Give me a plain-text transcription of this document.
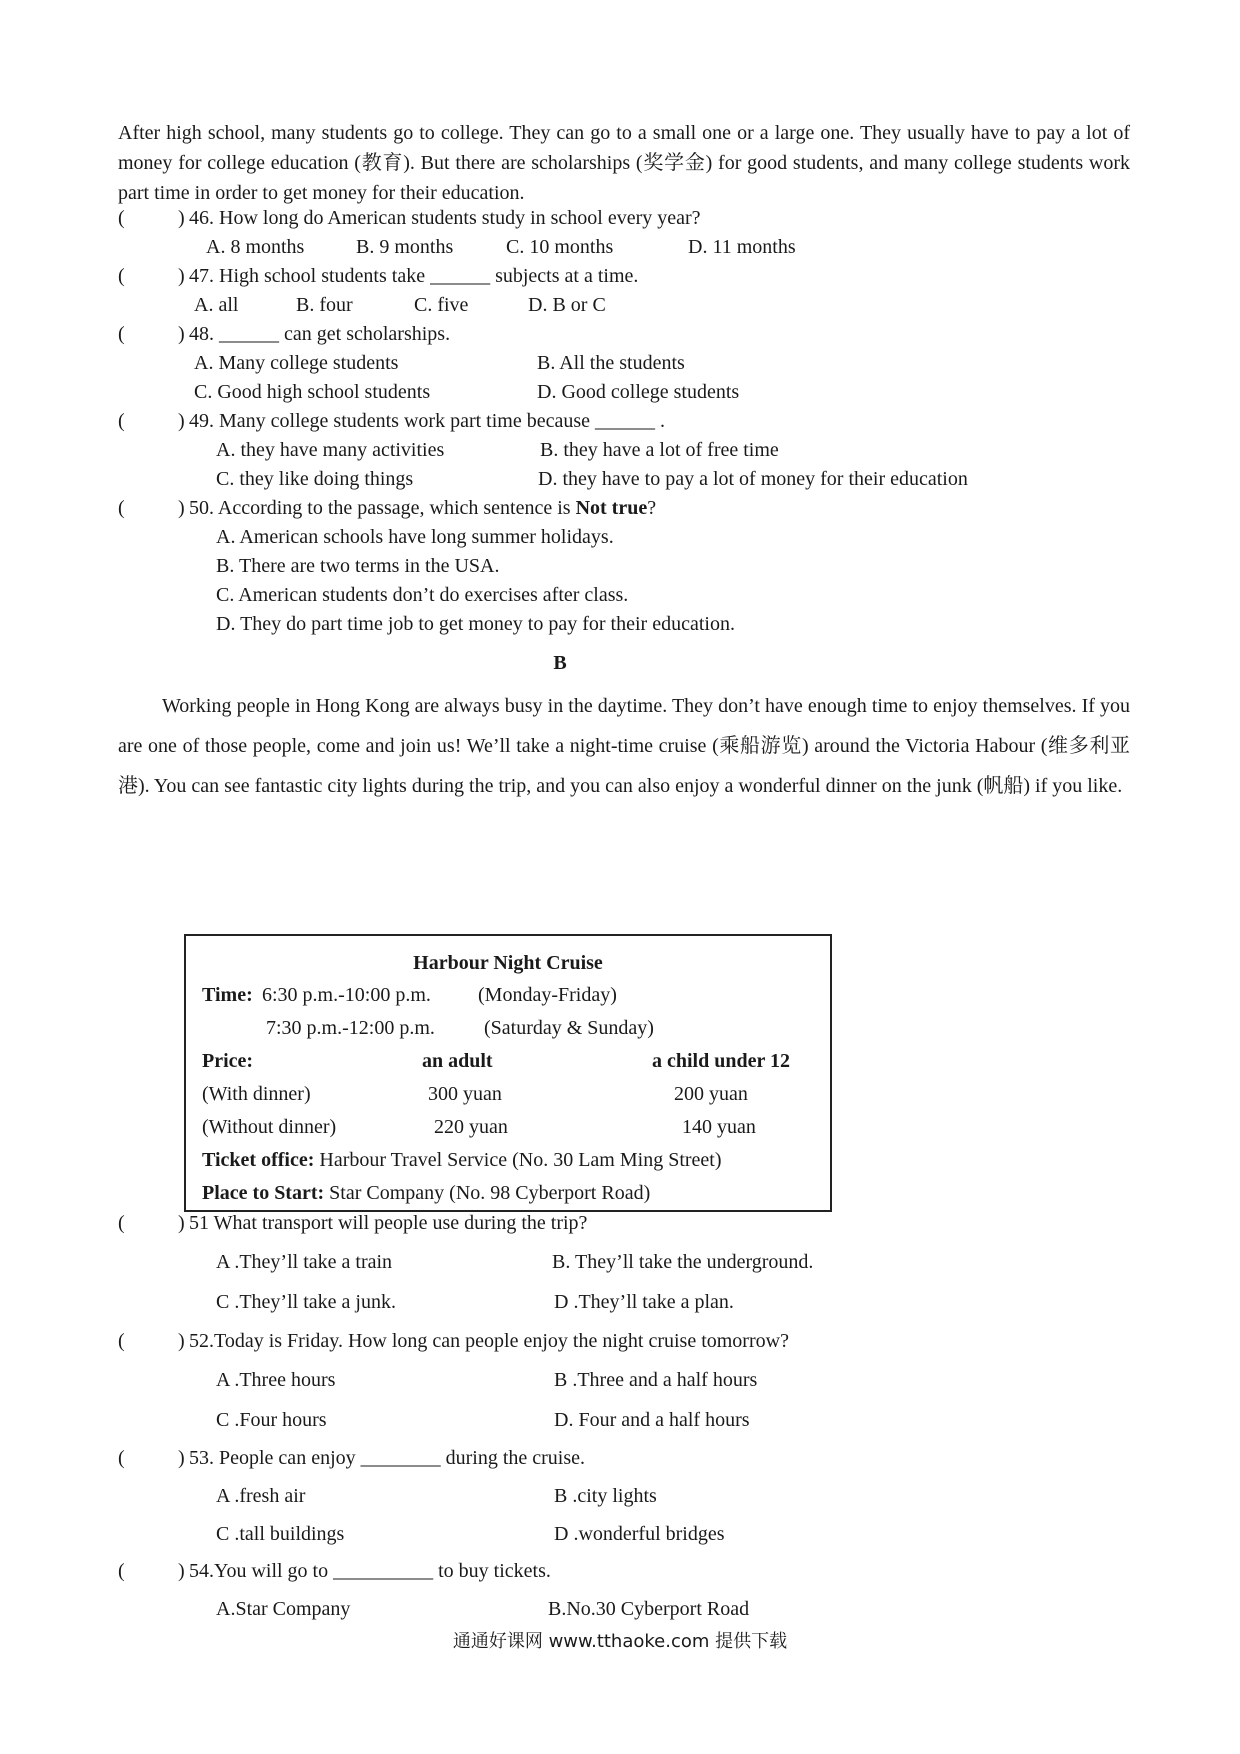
After high school, many students go to college. They can go to a small one or a large one. They usually have to pay a lot of money for college education (教育). But there are scholarships (奖学金) for good students, and many college students work part time in order to get money for their education.
(	) 46. How long do American students study in school every year?
A. 8 months	B. 9 months	C. 10 months	D. 11 months
(	) 47. High school students take ______ subjects at a time.
A. all	B. four	C. five	D. B or C
(	) 48. ______ can get scholarships.
A. Many college students	B. All the students
C. Good high school students	D. Good college students
(	) 49. Many college students work part time because ______ .
A. they have many activities	B. they have a lot of free time
C. they like doing things	D. they have to pay a lot of money for their education
(	) 50. According to the passage, which sentence is Not true?
A. American schools have long summer holidays.
B. There are two terms in the USA.
C. American students don’t do exercises after class.
D. They do part time job to get money to pay for their education.
B
Working people in Hong Kong are always busy in the daytime. They don’t have enough time to enjoy themselves. If you are one of those people, come and join us! We’ll take a night-time cruise (乘船游览) around the Victoria Habour (维多利亚港). You can see fantastic city lights during the trip, and you can also enjoy a wonderful dinner on the junk (帆船) if you like.
Harbour Night Cruise
Time: 6:30 p.m.-10:00 p.m. (Monday-Friday)
7:30 p.m.-12:00 p.m. (Saturday & Sunday)
Price:	an adult	a child under 12
(With dinner)	300 yuan	200 yuan
(Without dinner)	220 yuan	140 yuan
Ticket office: Harbour Travel Service (No. 30 Lam Ming Street)
Place to Start: Star Company (No. 98 Cyberport Road)
(	) 51 What transport will people use during the trip?
A .They’ll take a train	B. They’ll take the underground.
C .They’ll take a junk.	D .They’ll take a plan.
(	) 52.Today is Friday. How long can people enjoy the night cruise tomorrow?
A .Three hours	B .Three and a half hours
C .Four hours	D. Four and a half hours
(	) 53. People can enjoy ________ during the cruise.
A .fresh air	B .city lights
C .tall buildings	D .wonderful bridges
(	) 54.You will go to __________ to buy tickets.
A.Star Company	B.No.30 Cyberport Road
通通好课网 www.tthaoke.com 提供下载
